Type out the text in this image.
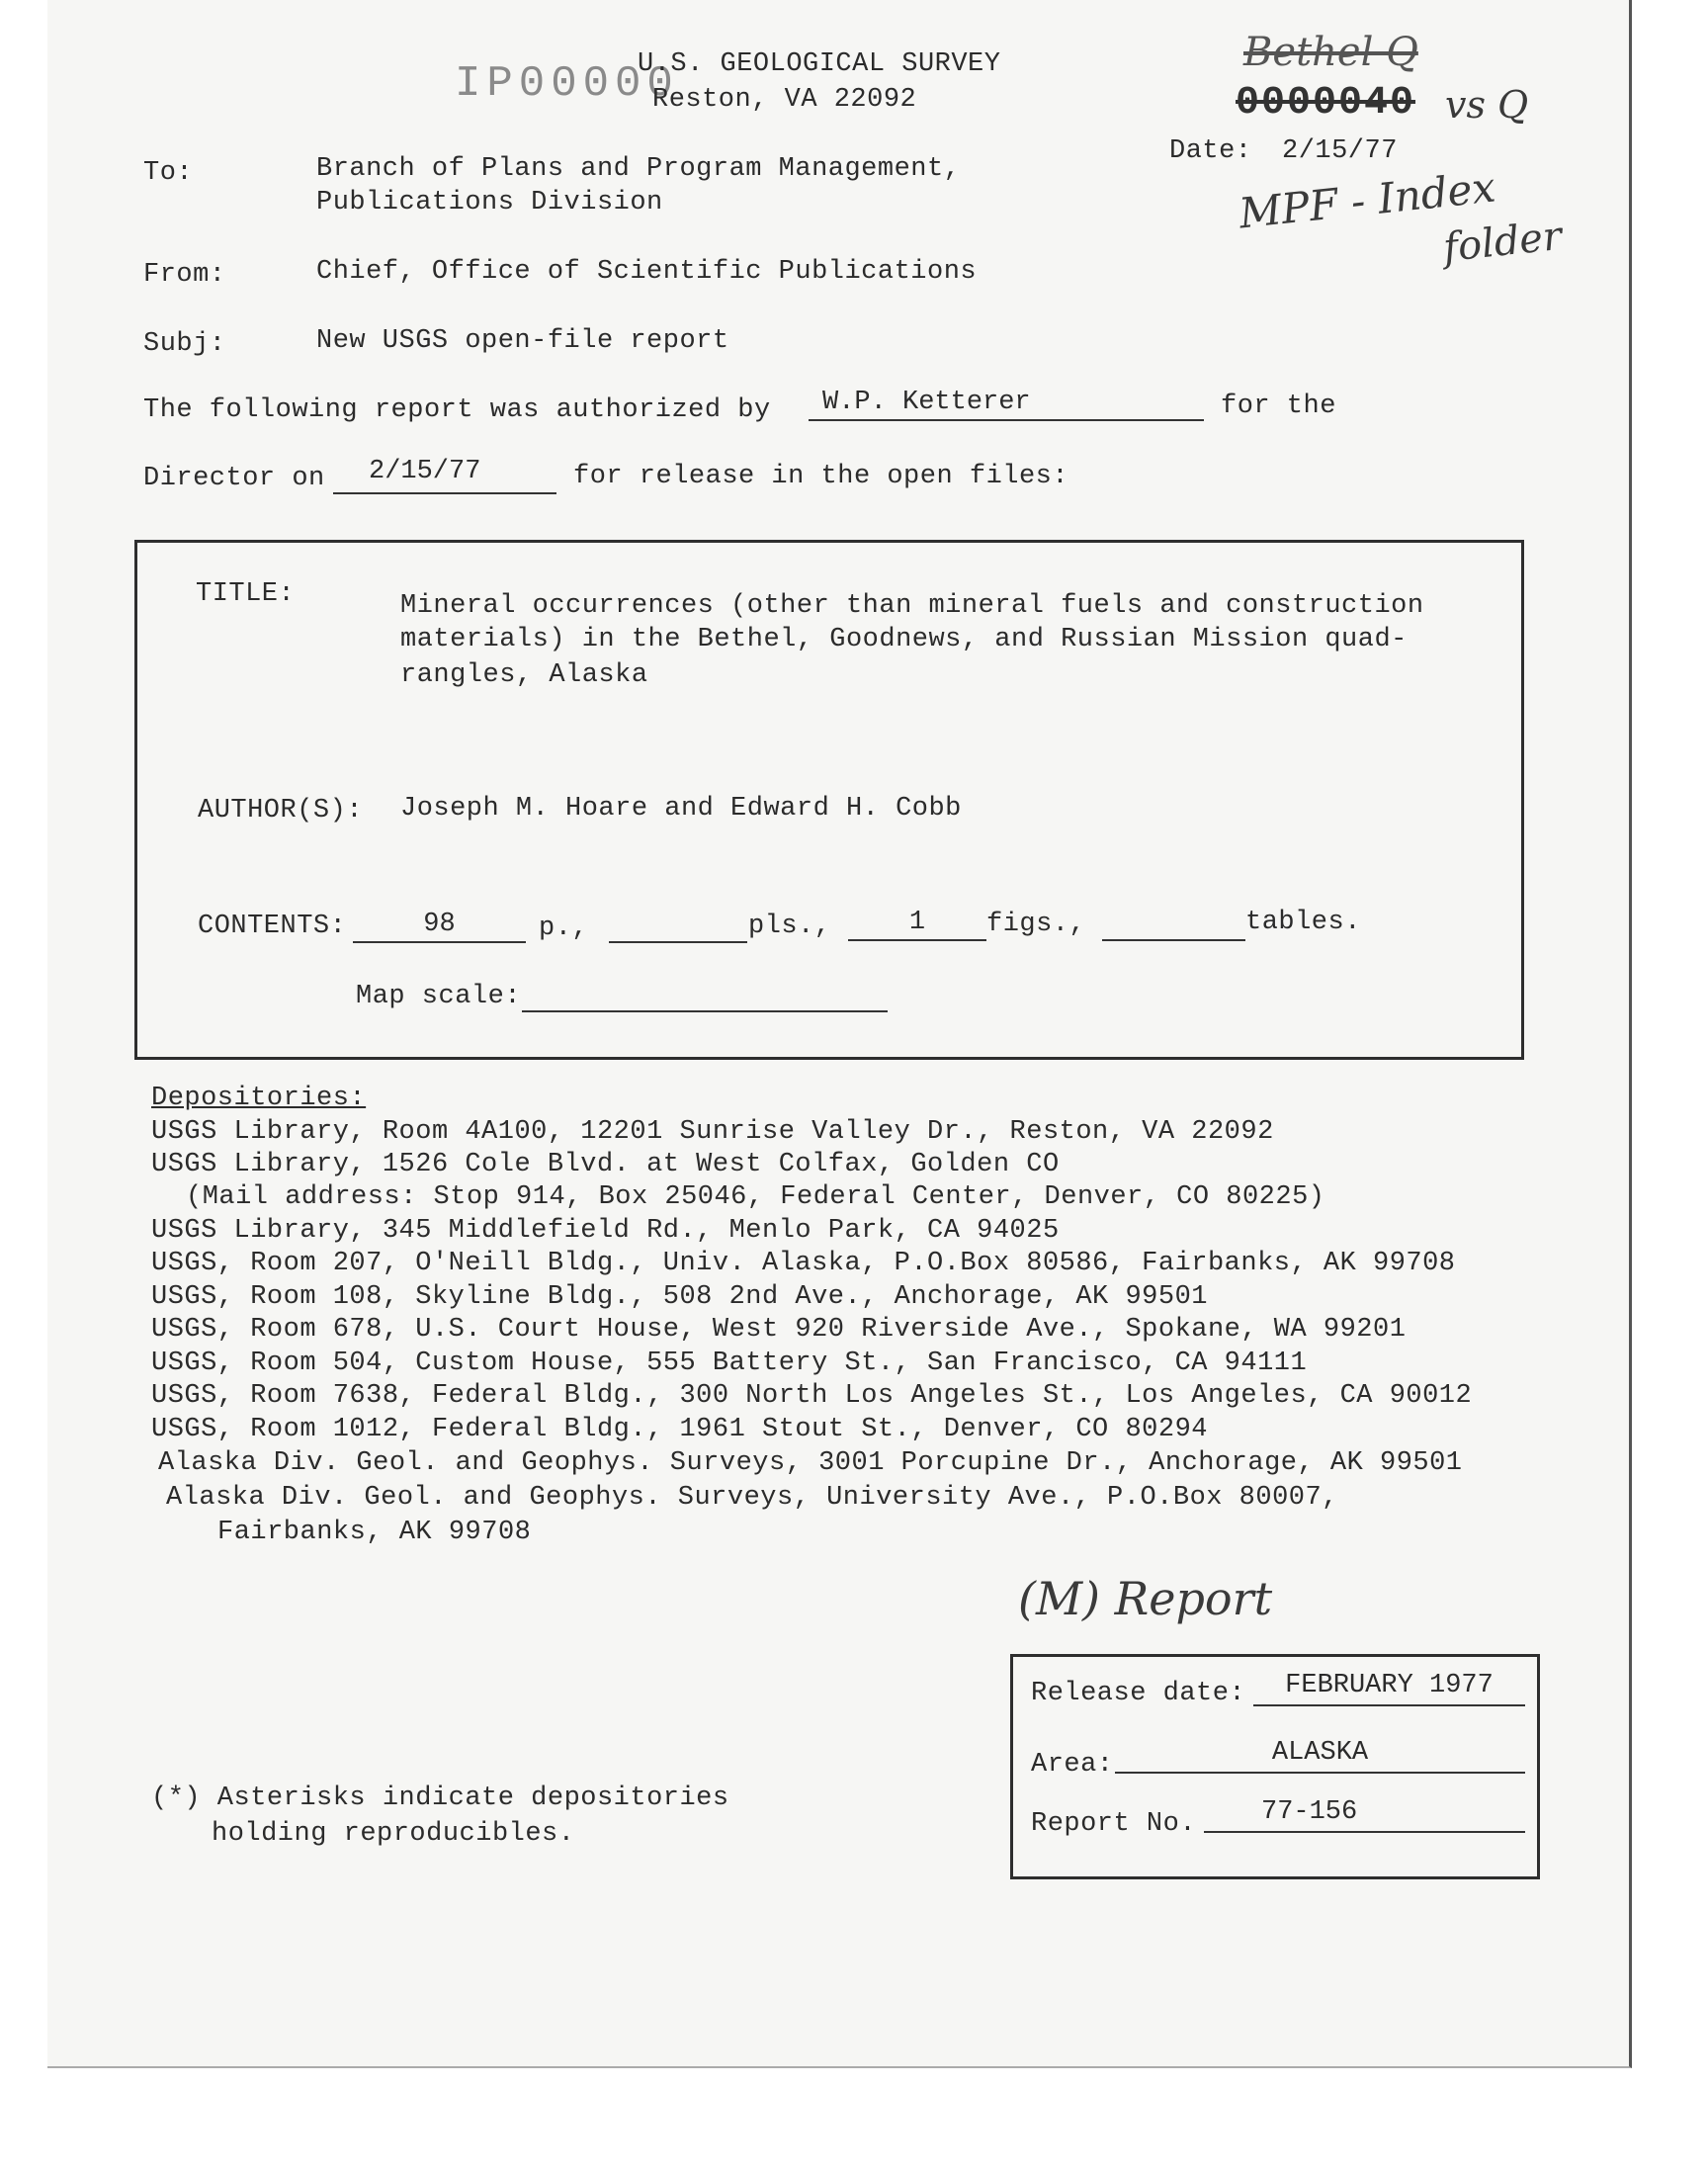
IP00000
U.S. GEOLOGICAL SURVEY
Reston, VA 22092
Bethel Q
0000040 vs Q
Date: 2/15/77
MPF - Index
folder
To:	Branch of Plans and Program Management,
Publications Division
From:	Chief, Office of Scientific Publications
Subj:	New USGS open-file report
The following report was authorized by	W.P. Ketterer	for the
Director on	2/15/77	for release in the open files:
TITLE:	Mineral occurrences (other than mineral fuels and construction
materials) in the Bethel, Goodnews, and Russian Mission quad-
rangles, Alaska
AUTHOR(S): Joseph M. Hoare and Edward H. Cobb
CONTENTS:	98	p.,	pls.,	1	figs.,	tables.
Map scale:
Depositories:
USGS Library, Room 4A100, 12201 Sunrise Valley Dr., Reston, VA 22092
USGS Library, 1526 Cole Blvd. at West Colfax, Golden CO
(Mail address: Stop 914, Box 25046, Federal Center, Denver, CO 80225)
USGS Library, 345 Middlefield Rd., Menlo Park, CA 94025
USGS, Room 207, O'Neill Bldg., Univ. Alaska, P.O.Box 80586, Fairbanks, AK 99708
USGS, Room 108, Skyline Bldg., 508 2nd Ave., Anchorage, AK 99501
USGS, Room 678, U.S. Court House, West 920 Riverside Ave., Spokane, WA 99201
USGS, Room 504, Custom House, 555 Battery St., San Francisco, CA 94111
USGS, Room 7638, Federal Bldg., 300 North Los Angeles St., Los Angeles, CA 90012
USGS, Room 1012, Federal Bldg., 1961 Stout St., Denver, CO 80294
Alaska Div. Geol. and Geophys. Surveys, 3001 Porcupine Dr., Anchorage, AK 99501
Alaska Div. Geol. and Geophys. Surveys, University Ave., P.O.Box 80007,
Fairbanks, AK 99708
(M) Report
Release date:	FEBRUARY 1977
Area:	ALASKA
Report No.	77-156
(*) Asterisks indicate depositories
holding reproducibles.
